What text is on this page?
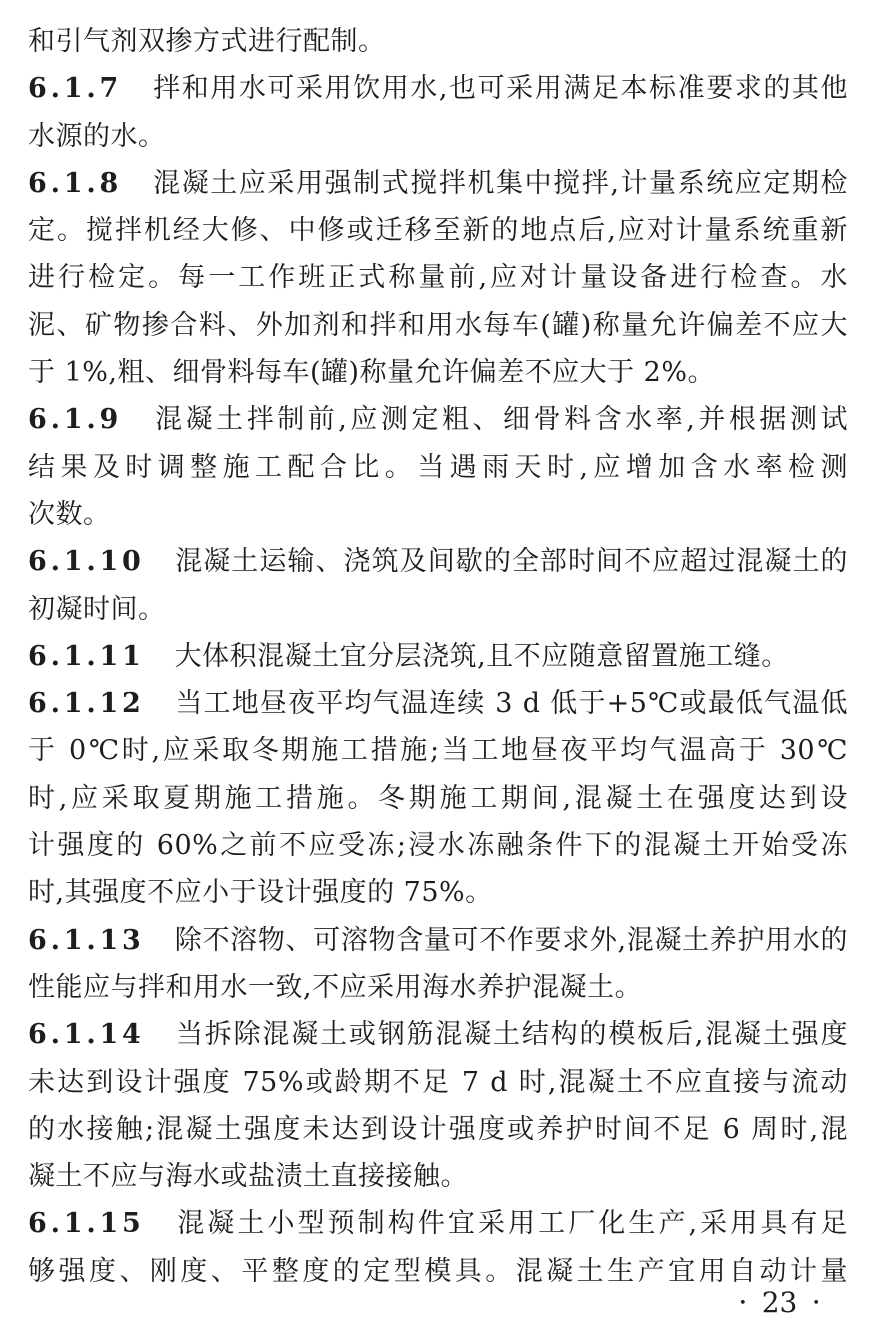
和引气剂双掺方式进行配制。
6.1.7 拌和用水可采用饮用水,也可采用满足本标准要求的其他
水源的水。
6.1.8 混凝土应采用强制式搅拌机集中搅拌,计量系统应定期检
定。搅拌机经大修、中修或迁移至新的地点后,应对计量系统重新
进行检定。每一工作班正式称量前,应对计量设备进行检查。水
泥、矿物掺合料、外加剂和拌和用水每车(罐)称量允许偏差不应大
于 1%,粗、细骨料每车(罐)称量允许偏差不应大于 2%。
6.1.9 混凝土拌制前,应测定粗、细骨料含水率,并根据测试
结果及时调整施工配合比。当遇雨天时,应增加含水率检测
次数。
6.1.10 混凝土运输、浇筑及间歇的全部时间不应超过混凝土的
初凝时间。
6.1.11 大体积混凝土宜分层浇筑,且不应随意留置施工缝。
6.1.12 当工地昼夜平均气温连续 3 d 低于+5℃或最低气温低
于 0℃时,应采取冬期施工措施;当工地昼夜平均气温高于 30℃
时,应采取夏期施工措施。冬期施工期间,混凝土在强度达到设
计强度的 60%之前不应受冻;浸水冻融条件下的混凝土开始受冻
时,其强度不应小于设计强度的 75%。
6.1.13 除不溶物、可溶物含量可不作要求外,混凝土养护用水的
性能应与拌和用水一致,不应采用海水养护混凝土。
6.1.14 当拆除混凝土或钢筋混凝土结构的模板后,混凝土强度
未达到设计强度 75%或龄期不足 7 d 时,混凝土不应直接与流动
的水接触;混凝土强度未达到设计强度或养护时间不足 6 周时,混
凝土不应与海水或盐渍土直接接触。
6.1.15 混凝土小型预制构件宜采用工厂化生产,采用具有足
够强度、刚度、平整度的定型模具。混凝土生产宜用自动计量
• 23 •
